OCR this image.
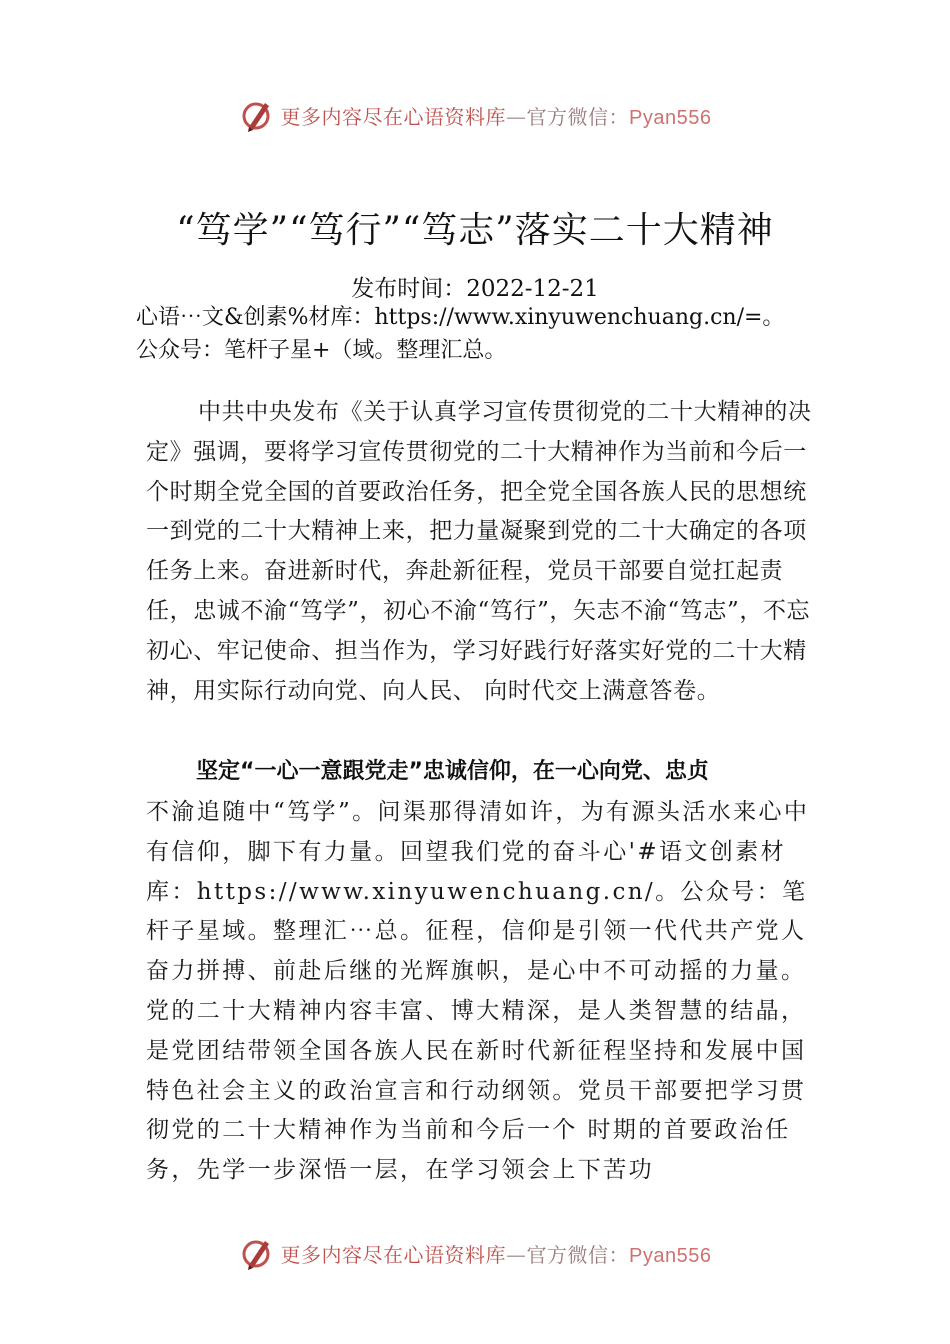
更多内容尽在心语资料库—官方微信：Pyan556
“笃学”“笃行”“笃志”落实二十大精神
发布时间：2022-12-21
心语⋯文&创素%材库：https://www.xinyuwenchuang.cn/=。
公众号：笔杆子星+（域。整理汇总。
中共中央发布《关于认真学习宣传贯彻党的二十大精神的决定》强调，要将学习宣传贯彻党的二十大精神作为当前和今后一个时期全党全国的首要政治任务，把全党全国各族人民的思想统一到党的二十大精神上来，把力量凝聚到党的二十大确定的各项任务上来。奋进新时代，奔赴新征程，党员干部要自觉扛起责任，忠诚不渝“笃学”，初心不渝“笃行”，矢志不渝“笃志”，不忘初心、牢记使命、担当作为，学习好践行好落实好党的二十大精神，用实际行动向党、向人民、 向时代交上满意答卷。
坚定“一心一意跟党走”忠诚信仰，在一心向党、忠贞
不渝追随中“笃学”。问渠那得清如许，为有源头活水来心中有信仰，脚下有力量。回望我们党的奋斗心'#语文创素材库：https://www.xinyuwenchuang.cn/。公众号：笔杆子星域。整理汇⋯总。征程，信仰是引领一代代共产党人奋力拼搏、前赴后继的光辉旗帜，是心中不可动摇的力量。党的二十大精神内容丰富、博大精深，是人类智慧的结晶，是党团结带领全国各族人民在新时代新征程坚持和发展中国特色社会主义的政治宣言和行动纲领。党员干部要把学习贯彻党的二十大精神作为当前和今后一个 时期的首要政治任务，先学一步深悟一层，在学习领会上下苦功
更多内容尽在心语资料库—官方微信：Pyan556
